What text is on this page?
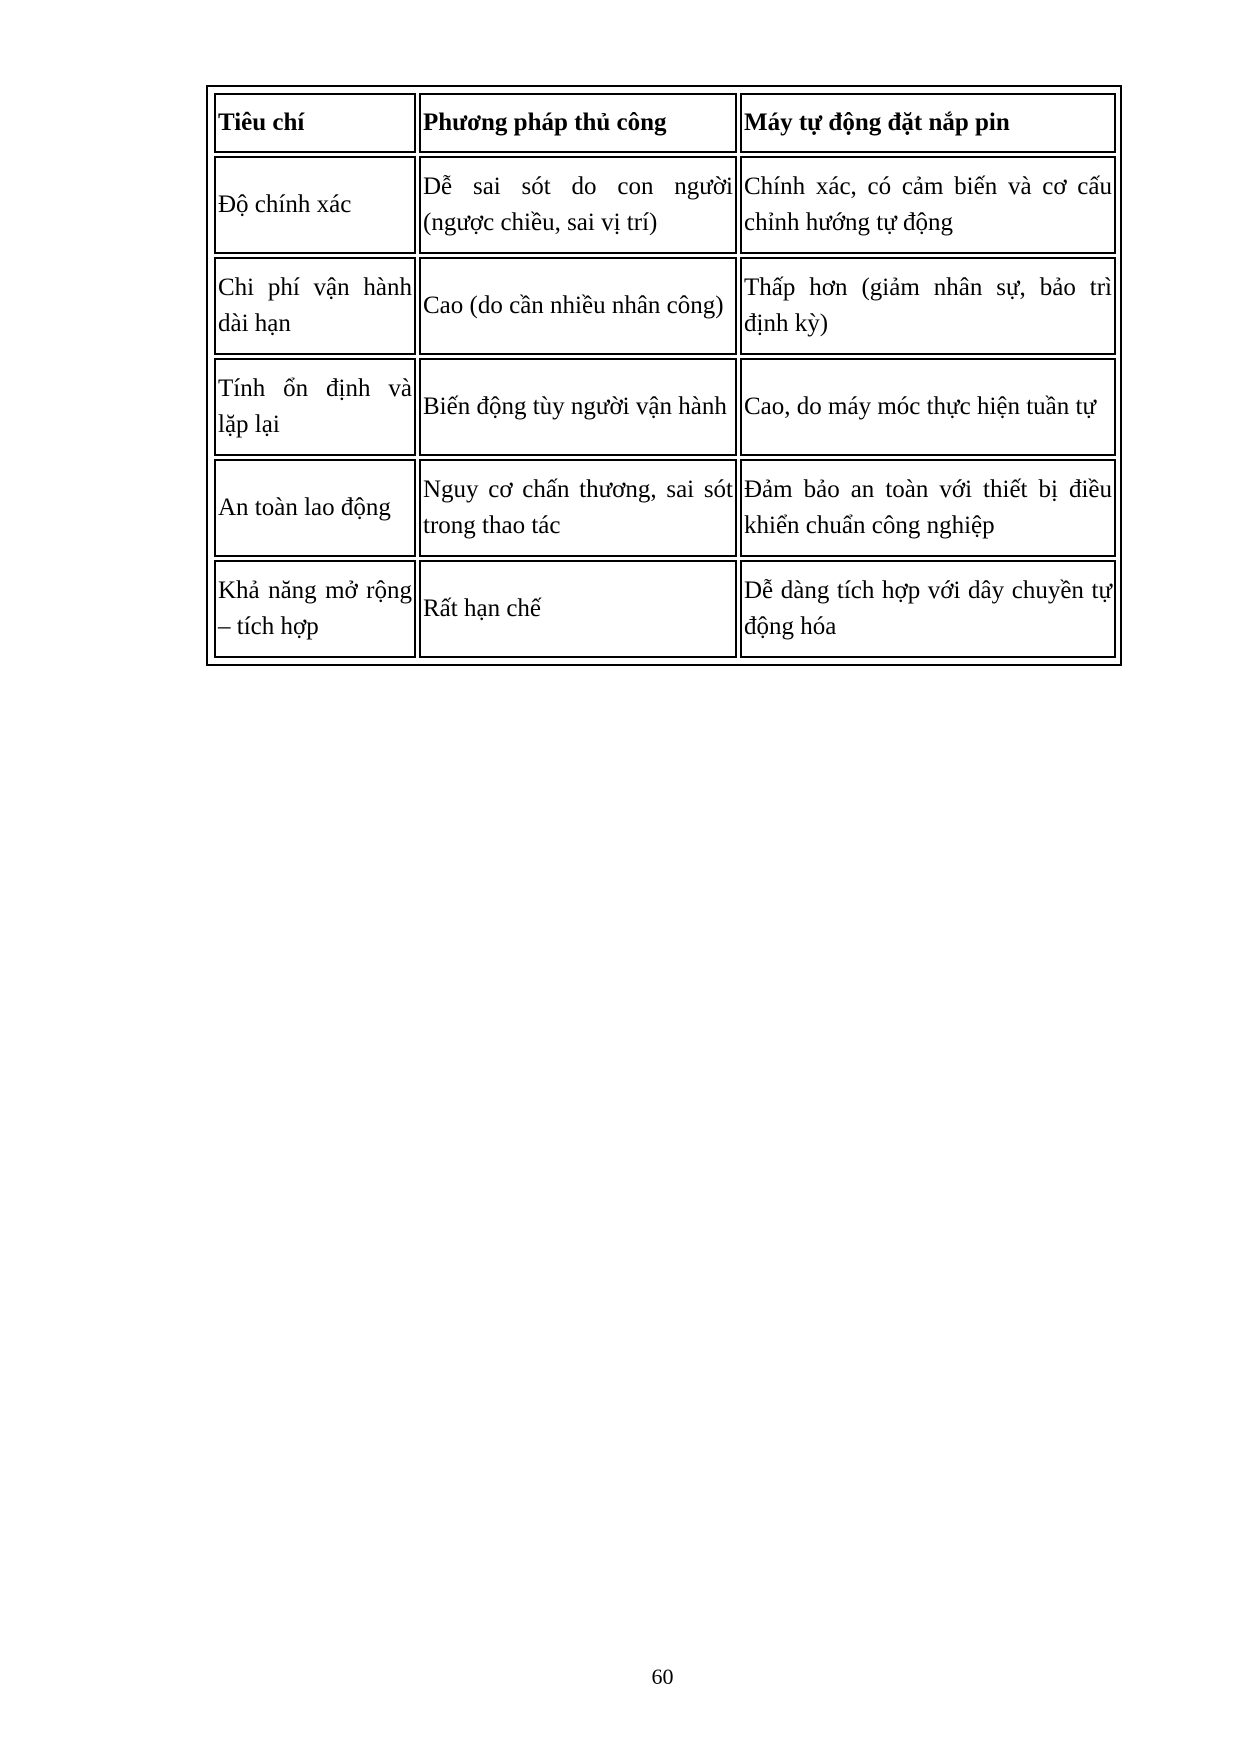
Tiêu chí	Phương pháp thủ công	Máy tự động đặt nắp pin
Độ chính xác	Dễ sai sót do con người (ngược chiều, sai vị trí)	Chính xác, có cảm biến và cơ cấu chỉnh hướng tự động
Chi phí vận hành dài hạn	Cao (do cần nhiều nhân công)	Thấp hơn (giảm nhân sự, bảo trì định kỳ)
Tính ổn định và lặp lại	Biến động tùy người vận hành	Cao, do máy móc thực hiện tuần tự
An toàn lao động	Nguy cơ chấn thương, sai sót trong thao tác	Đảm bảo an toàn với thiết bị điều khiển chuẩn công nghiệp
Khả năng mở rộng – tích hợp	Rất hạn chế	Dễ dàng tích hợp với dây chuyền tự động hóa
60
